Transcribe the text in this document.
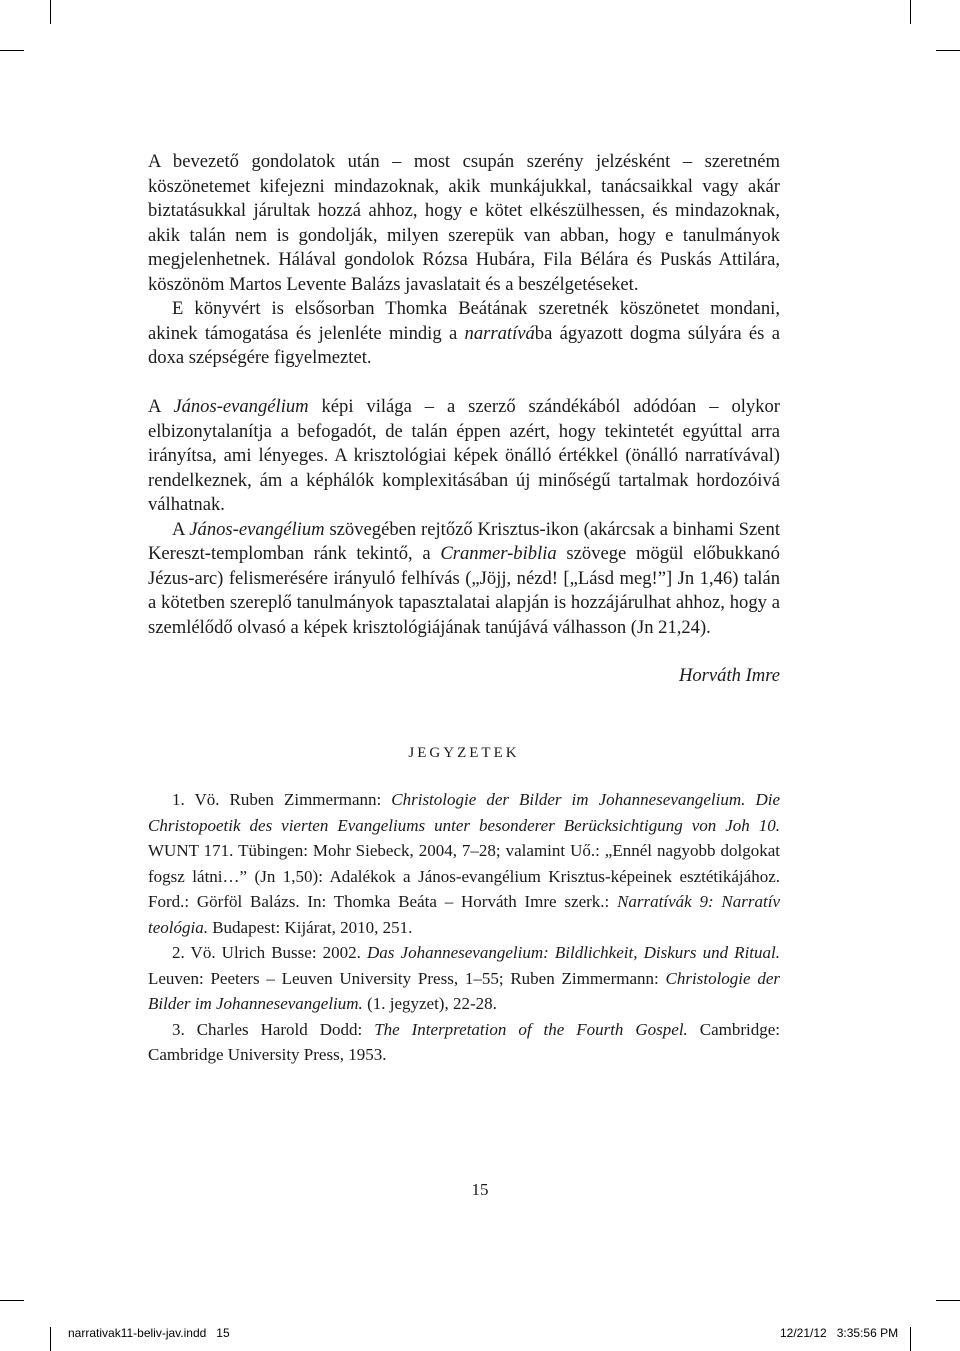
A bevezető gondolatok után – most csupán szerény jelzésként – szeretném köszönetemet kifejezni mindazoknak, akik munkájukkal, tanácsaikkal vagy akár biztatásukkal járultak hozzá ahhoz, hogy e kötet elkészülhessen, és mindazoknak, akik talán nem is gondolják, milyen szerepük van abban, hogy e tanulmányok megjelenhetnek. Hálával gondolok Rózsa Hubára, Fila Bélára és Puskás Attilára, köszönöm Martos Levente Balázs javaslatait és a beszélgetéseket.

E könyvért is elsősorban Thomka Beátának szeretnék köszönetet mondani, akinek támogatása és jelenléte mindig a narratívába ágyazott dogma súlyára és a doxa szépségére figyelmeztet.

A János-evangélium képi világa – a szerző szándékából adódóan – olykor elbizonytalanítja a befogadót, de talán éppen azért, hogy tekintetét egyúttal arra irányítsa, ami lényeges. A krisztológiai képek önálló értékkel (önálló narratívával) rendelkeznek, ám a képhálók komplexitásában új minőségű tartalmak hordozóivá válhatnak.

A János-evangélium szövegében rejtőző Krisztus-ikon (akárcsak a binhami Szent Kereszt-templomban ránk tekintő, a Cranmer-biblia szövege mögül előbukkanó Jézus-arc) felismerésére irányuló felhívás („Jöjj, nézd! [„Lásd meg!”] Jn 1,46) talán a kötetben szereplő tanulmányok tapasztalatai alapján is hozzájárulhat ahhoz, hogy a szemlélődő olvasó a képek krisztológiájának tanújává válhasson (Jn 21,24).

Horváth Imre

JEGYZETEK

1. Vö. Ruben Zimmermann: Christologie der Bilder im Johannesevangelium. Die Christopoetik des vierten Evangeliums unter besonderer Berücksichtigung von Joh 10. WUNT 171. Tübingen: Mohr Siebeck, 2004, 7–28; valamint Uő.: „Ennél nagyobb dolgokat fogsz látni…” (Jn 1,50): Adalékok a János-evangélium Krisztus-képeinek esztétikájához. Ford.: Görföl Balázs. In: Thomka Beáta – Horváth Imre szerk.: Narratívák 9: Narratív teológia. Budapest: Kijárat, 2010, 251.

2. Vö. Ulrich Busse: 2002. Das Johannesevangelium: Bildlichkeit, Diskurs und Ritual. Leuven: Peeters – Leuven University Press, 1–55; Ruben Zimmermann: Christologie der Bilder im Johannesevangelium. (1. jegyzet), 22-28.

3. Charles Harold Dodd: The Interpretation of the Fourth Gospel. Cambridge: Cambridge University Press, 1953.

15
narrativak11-beliv-jav.indd   15	12/21/12   3:35:56 PM
